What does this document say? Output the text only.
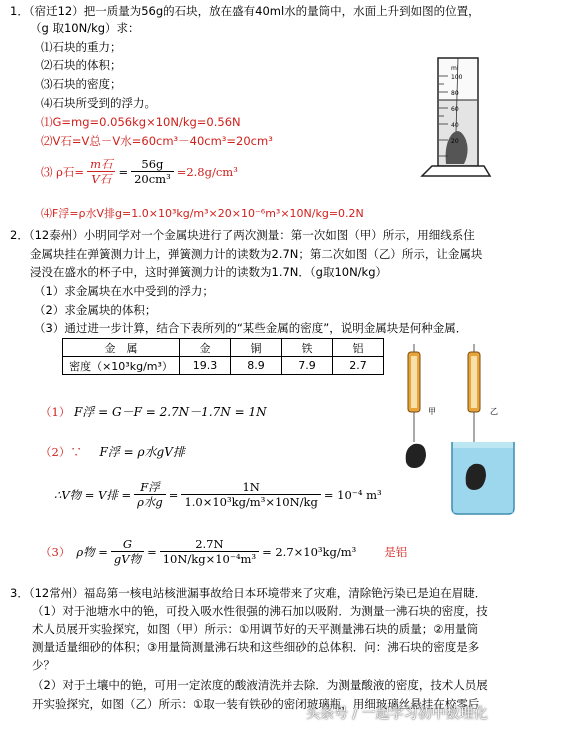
1．（宿迁12）把一质量为56g的石块，放在盛有40ml水的量筒中，水面上升到如图的位置，
（g 取10N/kg）求：
⑴石块的重力；
⑵石块的体积；
⑶石块的密度；
⑷石块所受到的浮力。
⑴G=mg=0.056kg×10N/kg=0.56N
⑵V石=V总－V水=60cm³－40cm³=20cm³
⑶ ρ石= $\frac{\text{m石}}{\text{V石}} = \frac{56g}{\text{20cm³}} =2.8g/cm^3$
⑷F浮=ρ水V排g=1.0×10³kg/m³×20×10⁻⁶m³×10N/kg=0.2N
ml
100
80
60
40
20
2．（12泰州）小明同学对一个金属块进行了两次测量：第一次如图（甲）所示，用细线系住
金属块挂在弹簧测力计上，弹簧测力计的读数为2.7N；第二次如图（乙）所示，让金属块
浸没在盛水的杯子中，这时弹簧测力计的读数为1.7N．（g取10N/kg）
（1）求金属块在水中受到的浮力；
（2）求金属块的体积；
（3）通过进一步计算，结合下表所列的“某些金属的密度”，说明金属块是何种金属．
金　属	金	铜	铁	铝
密度（×10³kg/m³）	19.3	8.9	7.9	2.7
（1） F浮 = G－F = 2.7N－1.7N = 1N
（2）∵ F浮 = ρ水gV排
∴V物 = V排 = $\frac{\text{F浮}}{\text{ρ水g}} = \frac{1N}{\text{1.0×10³kg/m³×10N/kg}} = 10^{-4}$ m³
（3） ρ物 = $\frac{G}{\text{gV物}} = \frac{2.7N}{\text{10N/kg×10⁻⁴m³}} = 2.7\times 10^3kg/m^3$ 是铝
甲	乙
3．（12常州）福岛第一核电站核泄漏事故给日本环境带来了灾难，清除铯污染已是迫在眉睫．
（1）对于池塘水中的铯，可投入吸水性很强的沸石加以吸附．为测量一沸石块的密度，技
术人员展开实验探究，如图（甲）所示：①用调节好的天平测量沸石块的质量；②用量筒
测量适量细砂的体积；③用量筒测量沸石块和这些细砂的总体积．问：沸石块的密度是多
少？
（2）对于土壤中的铯，可用一定浓度的酸液清洗并去除．为测量酸液的密度，技术人员展
开实验探究，如图（乙）所示：①取一装有铁砂的密闭玻璃瓶，用细玻璃丝悬挂在校零后
头条号 / 一起学习初中数理化
